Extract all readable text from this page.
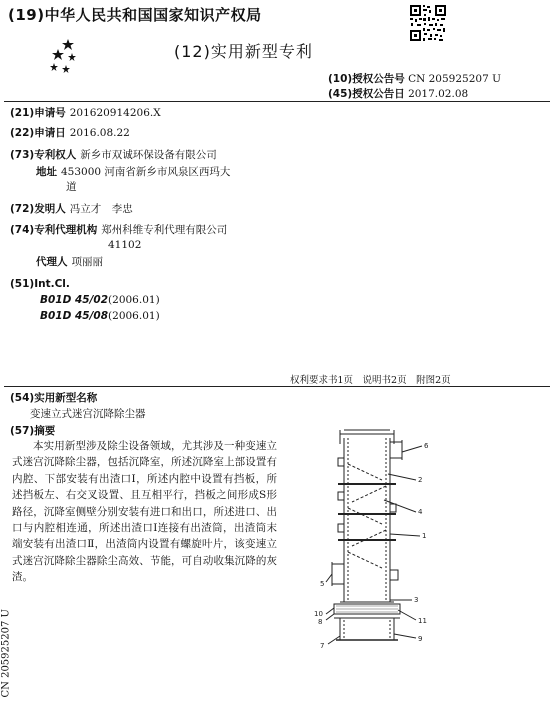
(19)中华人民共和国国家知识产权局
(12)实用新型专利
(10)授权公告号 CN 205925207 U
(45)授权公告日 2017.02.08
(21)申请号 201620914206.X
(22)申请日 2016.08.22
(73)专利权人 新乡市双诚环保设备有限公司
地址 453000 河南省新乡市风泉区西玛大
道
(72)发明人 冯立才　李忠
(74)专利代理机构 郑州科维专利代理有限公司
41102
代理人 项丽丽
(51)Int.Cl.
B01D 45/02(2006.01)
B01D 45/08(2006.01)
权利要求书1页　说明书2页　附图2页
(54)实用新型名称
变速立式迷宫沉降除尘器
(57)摘要
本实用新型涉及除尘设备领域，尤其涉及一种变速立式迷宫沉降除尘器，包括沉降室，所述沉降室上部设置有内腔、下部安装有出渣口Ⅰ，所述内腔中设置有挡板，所述挡板左、右交叉设置、且互相平行，挡板之间形成S形路径，沉降室侧壁分别安装有进口和出口，所述进口、出口与内腔相连通，所述出渣口Ⅰ连接有出渣筒，出渣筒末端安装有出渣口Ⅱ，出渣筒内设置有螺旋叶片，该变速立式迷宫沉降除尘器除尘高效、节能，可自动收集沉降的灰渣。
6
2
4
1
5
3
10
8
7
11
9
CN 205925207 U
